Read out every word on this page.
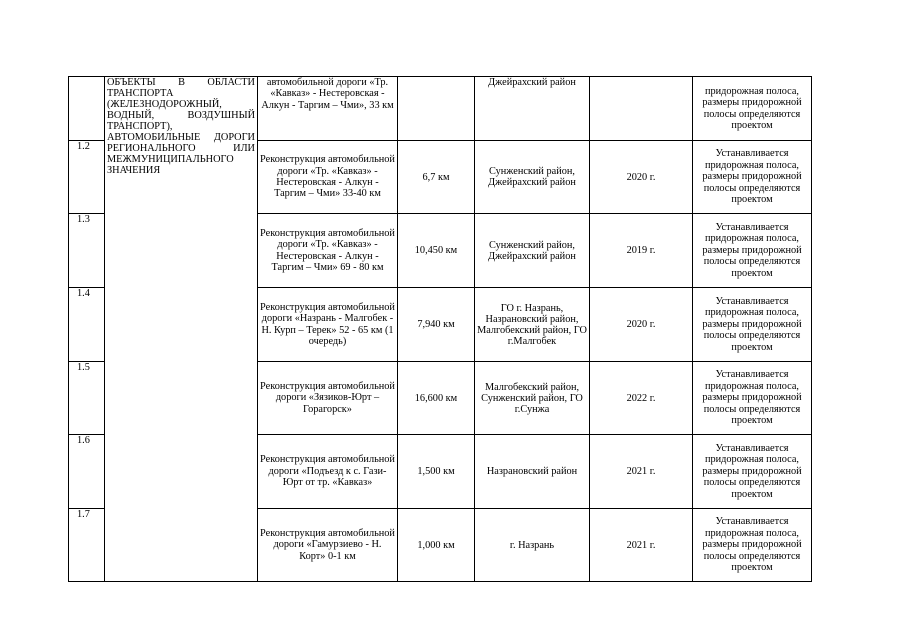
	ОБЪЕКТЫ В ОБЛАСТИ ТРАНСПОРТА (ЖЕЛЕЗНОДОРОЖНЫЙ, ВОДНЫЙ, ВОЗДУШНЫЙ ТРАНСПОРТ),
АВТОМОБИЛЬНЫЕ ДОРОГИ РЕГИОНАЛЬНОГО ИЛИ МЕЖМУНИЦИПАЛЬНОГО ЗНАЧЕНИЯ	автомобильной дороги «Тр. «Кавказ» - Нестеровская - Алкун - Таргим – Чми», 33 км		Джейрахский район		придорожная полоса, размеры придорожной полосы определяются проектом
1.2		Реконструкция автомобильной дороги «Тр. «Кавказ» - Нестеровская - Алкун - Таргим – Чми» 33-40 км	6,7 км	Сунженский район, Джейрахский район	2020 г.	Устанавливается придорожная полоса, размеры придорожной полосы определяются проектом
1.3		Реконструкция автомобильной дороги «Тр. «Кавказ» - Нестеровская - Алкун - Таргим – Чми» 69 - 80 км	10,450 км	Сунженский район, Джейрахский район	2019 г.	Устанавливается придорожная полоса, размеры придорожной полосы определяются проектом
1.4		Реконструкция автомобильной дороги «Назрань - Малгобек - Н. Курп – Терек» 52 - 65 км (1 очередь)	7,940 км	ГО г. Назрань, Назрановский район, Малгобекский район, ГО г.Малгобек	2020 г.	Устанавливается придорожная полоса, размеры придорожной полосы определяются проектом
1.5		Реконструкция автомобильной дороги «Зязиков-Юрт – Горагорск»	16,600 км	Малгобекский район, Сунженский район, ГО г.Сунжа	2022 г.	Устанавливается придорожная полоса, размеры придорожной полосы определяются проектом
1.6		Реконструкция автомобильной дороги «Подъезд к с. Гази-Юрт от тр. «Кавказ»	1,500 км	Назрановский район	2021 г.	Устанавливается придорожная полоса, размеры придорожной полосы определяются проектом
1.7		Реконструкция автомобильной дороги «Гамурзиево - Н. Корт» 0-1 км	1,000 км	г. Назрань	2021 г.	Устанавливается придорожная полоса, размеры придорожной полосы определяются проектом
